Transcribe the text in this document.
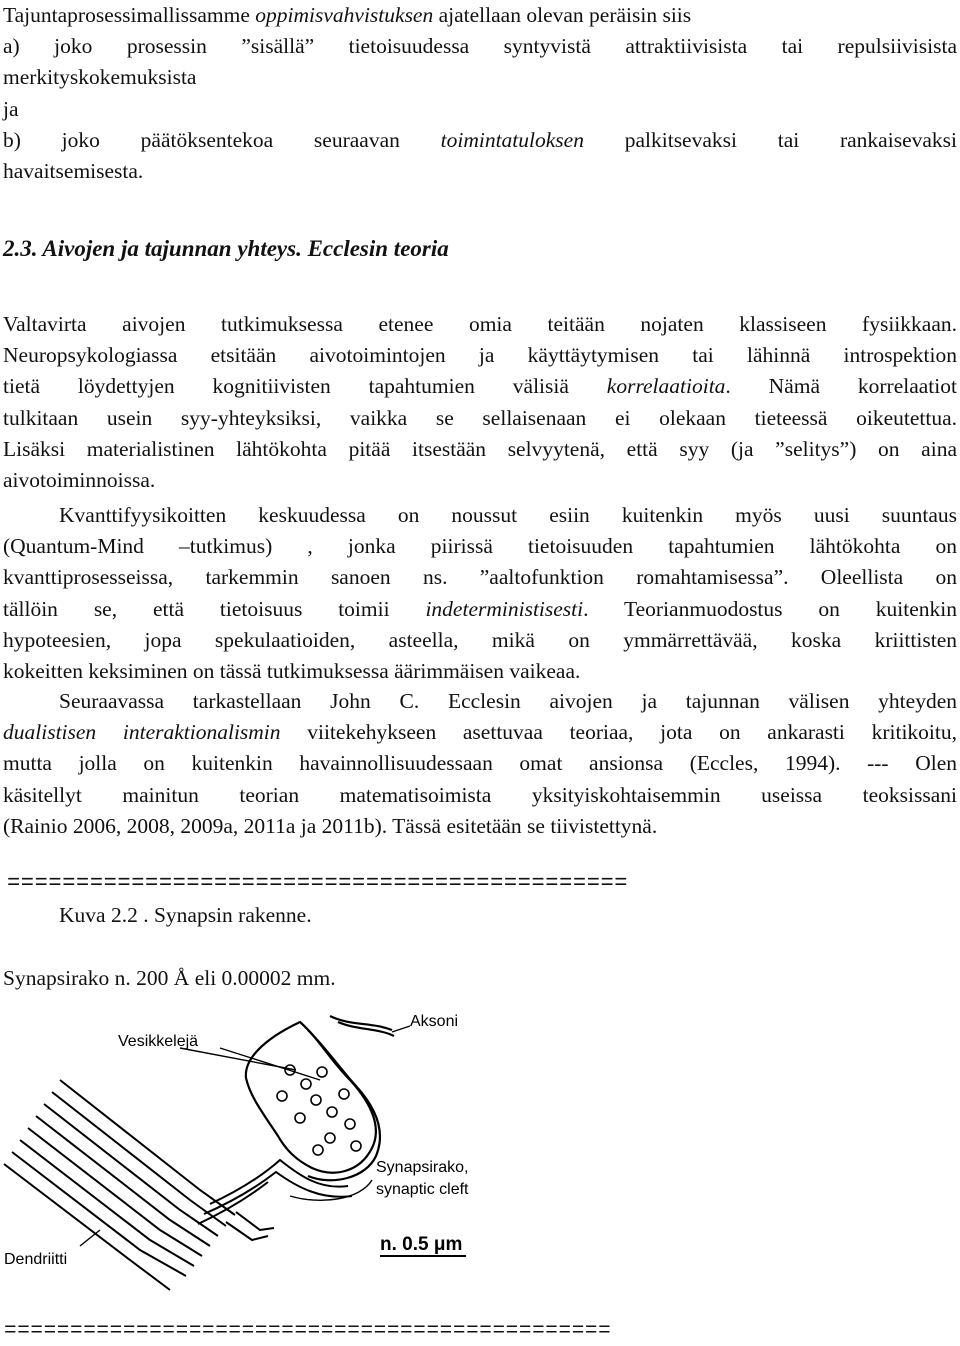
Tajuntaprosessimallissamme oppimisvahvistuksen ajatellaan olevan peräisin siis
a) joko prosessin ”sisällä” tietoisuudessa syntyvistä attraktiivisista tai repulsiivisista
merkityskokemuksista
ja
b) joko päätöksentekoa seuraavan toimintatuloksen palkitsevaksi tai rankaisevaksi
havaitsemisesta.

2.3. Aivojen ja tajunnan yhteys. Ecclesin teoria

Valtavirta aivojen tutkimuksessa etenee omia teitään nojaten klassiseen fysiikkaan.
Neuropsykologiassa etsitään aivotoimintojen ja käyttäytymisen tai lähinnä introspektion
tietä löydettyjen kognitiivisten tapahtumien välisiä korrelaatioita. Nämä korrelaatiot
tulkitaan usein syy-yhteyksiksi, vaikka se sellaisenaan ei olekaan tieteessä oikeutettua.
Lisäksi materialistinen lähtökohta pitää itsestään selvyytenä, että syy (ja ”selitys”) on aina
aivotoiminnoissa.

Kvanttifyysikoitten keskuudessa on noussut esiin kuitenkin myös uusi suuntaus
(Quantum-Mind –tutkimus) , jonka piirissä tietoisuuden tapahtumien lähtökohta on
kvanttiprosesseissa, tarkemmin sanoen ns. ”aaltofunktion romahtamisessa”. Oleellista on
tällöin se, että tietoisuus toimii indeterministisesti. Teorianmuodostus on kuitenkin
hypoteesien, jopa spekulaatioiden, asteella, mikä on ymmärrettävää, koska kriittisten
kokeitten keksiminen on tässä tutkimuksessa äärimmäisen vaikeaa.

Seuraavassa tarkastellaan John C. Ecclesin aivojen ja tajunnan välisen yhteyden
dualistisen interaktionalismin viitekehykseen asettuvaa teoriaa, jota on ankarasti kritikoitu,
mutta jolla on kuitenkin havainnollisuudessaan omat ansionsa (Eccles, 1994). --- Olen
käsitellyt mainitun teorian matematisoimista yksityiskohtaisemmin useissa teoksissani
(Rainio 2006, 2008, 2009a, 2011a ja 2011b). Tässä esitetään se tiivistettynä.

=============================================

Kuva 2.2 . Synapsin rakenne.

Synapsirako n. 200 Å eli 0.00002 mm.

Vesikkelejä
Aksoni
Synapsirako,
synaptic cleft
Dendriitti
n. 0.5 μm
==============================================
